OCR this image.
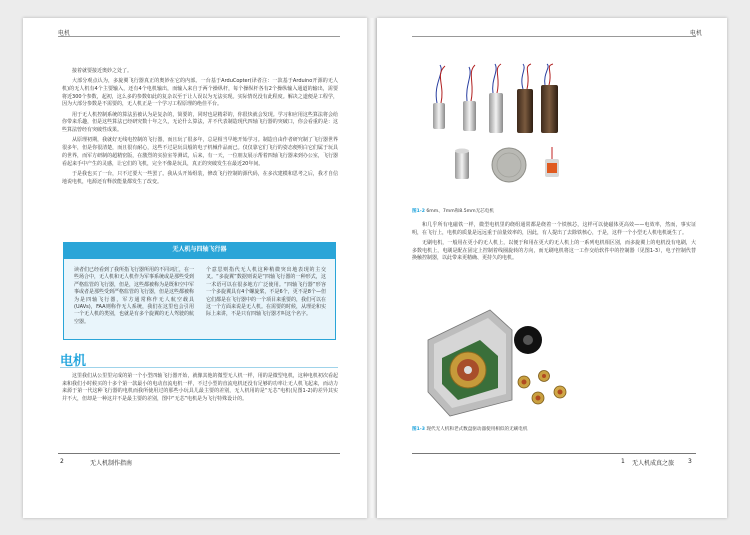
电机

接着就要接近奥妙之处了。

大部分观点认为，多旋翼飞行器真正的奥妙在它的内部。一台基于ArduCopter(译者注：一款基于Arduino开源的无人机)的无人机有4个主要输入，还有4个电机输出，而输入来自于两个操纵杆，每个操纵杆各有2个操纵输入通道的输出，需要将近300个参数，起初，这么多的参数如此的复杂以至于让人误以为无法实现。实际情况没有此程度。解决之道便是工程学，因为大部分参数是不需要的，无人机正是一个学习工程原理的绝佳平台。

用于无人机控制系统的算法虽被认为是复杂的，简要的，同时也是精彩的，你很快就会发现。学习和应用这些算法将会给你带来乐趣，但是这些算法已经研究数十年之久，无论什么算法，并不代表制造现代四轴飞行器的突破口，你会看重的是：这些算法曾经有突破性成果。

从原理初期，我就好无线电控制的飞行器，而且玩了很多年，总是相当早地开始学习。制造自由作者研究制了飞行器世界很多年，但是你很清楚，而且很有耐心，这些不过是玩具般的电子机械作品而已。仅仅靠它们飞行的姿态便明白它们属于玩具的世界，而军方研制的超精密版，在激烈的实验室等测试，后来，有一天，一位朋友展示帮着四轴飞行器来到办公室，飞行器看起来手中产生的灵感，让它们的飞机，完全不像是玩具，真正的突破发生在最近20年间。

于是我也买了一台，只不过要大一些罢了。我从头开始组装，修改飞行控制的源代码，在多次建模和思考之后，我才自信地说电机，电源还有释放能量都发生了改变。

无人机与四轴飞行器
读者们已经看到了我所指飞行器所用的不同词汇，在一些场合中，无人机和无人机作为军事系统或是那些受到严格监管的飞行器，但是，这些都被称为是既和空中军事或者是那些受到严格监管的飞行器，但是这些都被称为是四轴飞行器，军方通常称作无人航空载具(UAVs)，FAA则称作无人系统，我们在这里也会引用一个无人机的类别，也就是有多个旋翼的无人驾驶的航空器。
个意思则指代无人机这种稍微突出地表现的主交叉。“多旋翼”数据则说是“四轴飞行器的一种形式，这一术语可以在很多地方广泛使用。“四轴飞行器”形容一个多旋翼具有4个螺旋桨，不是6个，更不是8个—但它们都是在飞行器中的一个项目来重要的，我们可以在这一个方面来说是无人机。在需要的时候，从理论和实际上来讲，不是只有四轴飞行器才叫这个名字。
电机

这里我们从公里里完成的第一个小型四轴飞行器开始，就像其他的微型无人机一样，用的是微型电机，这种电机初次看起来和我们小时候买的十多个第一款最小的电动直流电机一样，不过小型的直流电机还没有足够的功率让无人机飞起来，而动力来源于第一代这种飞行器的电机而我所使用过的那些小玩具儿最主要的差别，无人机用的是“无芯”电机(见图1-2)的差异其实并不大，但却是一种这并不是最主要的差别，图中“无芯”电机是为飞行特殊设计的。

2	无人机制作指南
电机
图1-2 6mm、7mm和8.5mm无芯电机

和几乎所有电磁铁一样，微型电机里的绕组通常都是绕着一个铁核芯，这样可以使磁体更高效——电效率，然而，事实证明，在飞行上，电机的质量是远远重于前量效率的，因此，有人提出了去除铁核心，于是，这样一个小型无人机电机诞生了。

无刷电机，一般用在更小的无人机上，以便于和用在更大的无人机上的一系列电机相区别，而多旋翼上的电机没有电刷，大多数电机上，电刷是配在固定上控制着线圈旋转的方向，而无刷电机将这一工作交给软件中的控制器（见图1-3），电子控制代替换触控制器，以此带来更精确、更持久的电机。

图1-3 现代无人机和老式数盘驱动器使用相似的无刷电机
1 无人机成真之旅 3
